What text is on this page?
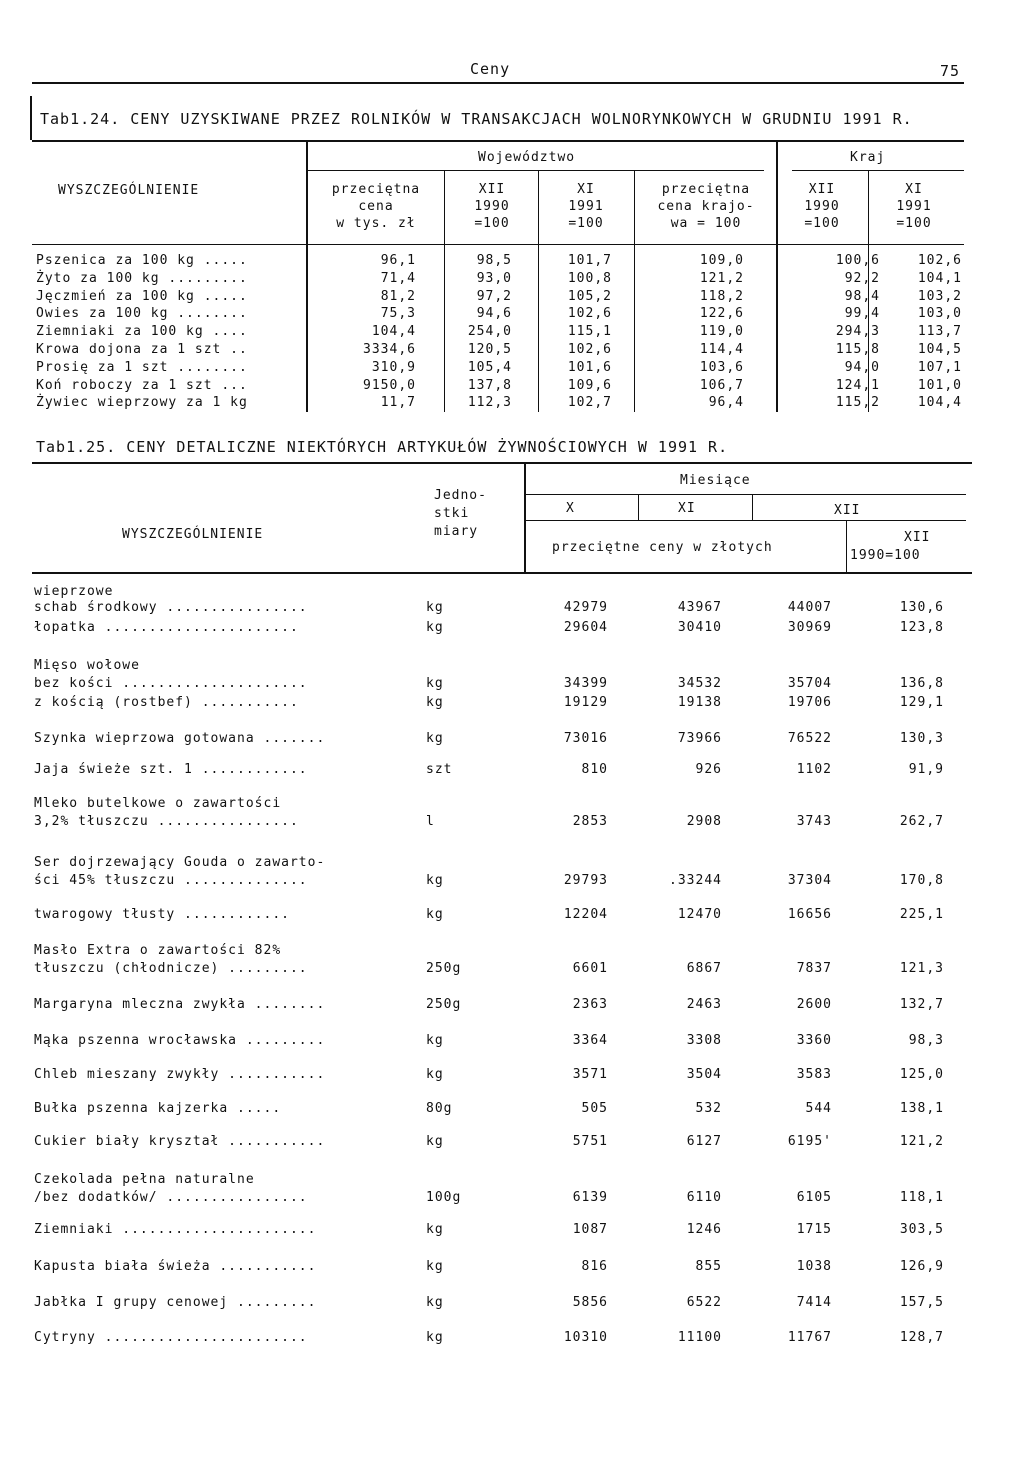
Ceny	75
Tab1.24. CENY UZYSKIWANE PRZEZ ROLNIKÓW W TRANSAKCJACH WOLNORYNKOWYCH W GRUDNIU 1991 R.
WYSZCZEGÓLNIENIE
Województwo	Kraj
przeciętna
cena
w tys. zł
XII
1990
=100
XI
1991
=100
przeciętna
cena krajo-
wa = 100
XII
1990
=100
XI
1991
=100
Pszenica za 100 kg .....	96,1	98,5	101,7	109,0	100,6	102,6
Żyto za 100 kg .........	71,4	93,0	100,8	121,2	92,2	104,1
Jęczmień za 100 kg .....	81,2	97,2	105,2	118,2	98,4	103,2
Owies za 100 kg ........	75,3	94,6	102,6	122,6	99,4	103,0
Ziemniaki za 100 kg ....	104,4	254,0	115,1	119,0	294,3	113,7
Krowa dojona za 1 szt ..	3334,6	120,5	102,6	114,4	115,8	104,5
Prosię za 1 szt ........	310,9	105,4	101,6	103,6	94,0	107,1
Koń roboczy za 1 szt ...	9150,0	137,8	109,6	106,7	124,1	101,0
Żywiec wieprzowy za 1 kg	11,7	112,3	102,7	96,4	115,2	104,4
Tab1.25. CENY DETALICZNE NIEKTÓRYCH ARTYKUŁÓW ŻYWNOŚCIOWYCH W 1991 R.
WYSZCZEGÓLNIENIE
Jedno-
stki
miary
Miesiące
X	XI	XII
przeciętne ceny w złotych
XII
1990=100
wieprzowe
schab środkowy ................	kg	42979	43967	44007	130,6
łopatka ......................	kg	29604	30410	30969	123,8
Mięso wołowe
bez kości .....................	kg	34399	34532	35704	136,8
z kością (rostbef) ...........	kg	19129	19138	19706	129,1
Szynka wieprzowa gotowana .......	kg	73016	73966	76522	130,3
Jaja świeże szt. 1 ............	szt	810	926	1102	91,9
Mleko butelkowe o zawartości
3,2% tłuszczu ................	l	2853	2908	3743	262,7
Ser dojrzewający Gouda o zawarto-
ści 45% tłuszczu ..............	kg	29793	.33244	37304	170,8
twarogowy tłusty ............	kg	12204	12470	16656	225,1
Masło Extra o zawartości 82%
tłuszczu (chłodnicze) .........	250g	6601	6867	7837	121,3
Margaryna mleczna zwykła ........	250g	2363	2463	2600	132,7
Mąka pszenna wrocławska .........	kg	3364	3308	3360	98,3
Chleb mieszany zwykły ...........	kg	3571	3504	3583	125,0
Bułka pszenna kajzerka .....	80g	505	532	544	138,1
Cukier biały kryształ ...........	kg	5751	6127	6195'	121,2
Czekolada pełna naturalne
/bez dodatków/ ................	100g	6139	6110	6105	118,1
Ziemniaki ......................	kg	1087	1246	1715	303,5
Kapusta biała świeża ...........	kg	816	855	1038	126,9
Jabłka I grupy cenowej .........	kg	5856	6522	7414	157,5
Cytryny .......................	kg	10310	11100	11767	128,7
